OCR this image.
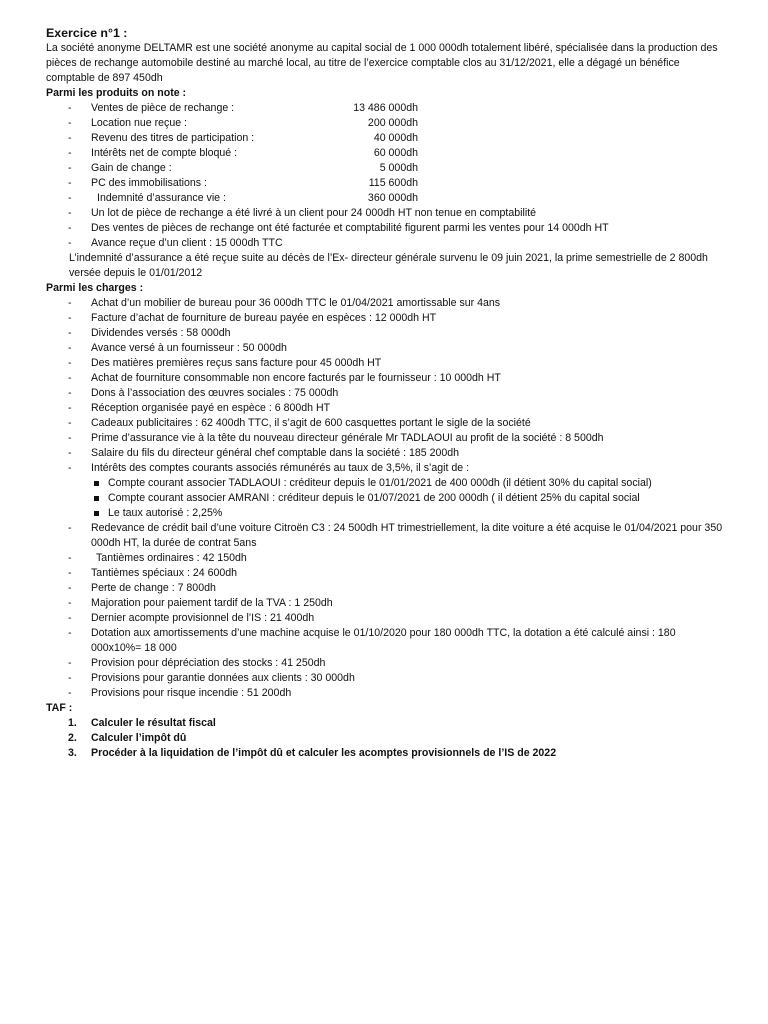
Exercice n°1 :
La société anonyme DELTAMR est une société anonyme au capital social de 1 000 000dh totalement libéré, spécialisée dans la production des pièces de rechange automobile destiné au marché local, au titre de l’exercice comptable clos au 31/12/2021, elle a dégagé un bénéfice comptable de 897 450dh
Parmi les produits on note :
- Ventes de pièce de rechange :	13 486 000dh
- Location nue reçue :	200 000dh
- Revenu des titres de participation :	40 000dh
- Intérêts net de compte bloqué :	60 000dh
- Gain de change :	5 000dh
- PC des immobilisations :	115 600dh
- Indemnité d’assurance vie :	360 000dh
- Un lot de pièce de rechange a été livré à un client pour 24 000dh HT non tenue en comptabilité
- Des ventes de pièces de rechange ont été facturée et comptabilité figurent parmi les ventes pour 14 000dh HT
- Avance reçue d’un client : 15 000dh TTC
L’indemnité d’assurance a été reçue suite au décès de l’Ex- directeur générale survenu le 09 juin 2021, la prime semestrielle de 2 800dh versée depuis le 01/01/2012
Parmi les charges :
- Achat d’un mobilier de bureau pour 36 000dh TTC le 01/04/2021 amortissable sur 4ans
- Facture d’achat de fourniture de bureau payée en espèces : 12 000dh HT
- Dividendes versés : 58 000dh
- Avance versé à un fournisseur : 50 000dh
- Des matières premières reçus sans facture pour 45 000dh HT
- Achat de fourniture consommable non encore facturés par le fournisseur : 10 000dh HT
- Dons à l’association des œuvres sociales : 75 000dh
- Réception organisée payé en espèce : 6 800dh HT
- Cadeaux publicitaires : 62 400dh TTC, il s’agit de 600 casquettes portant le sigle de la société
- Prime d’assurance vie à la tête du nouveau directeur générale Mr TADLAOUI au profit de la société : 8 500dh
- Salaire du fils du directeur général chef comptable dans la société : 185 200dh
- Intérêts des comptes courants associés rémunérés au taux de 3,5%, il s’agit de :
Compte courant associer TADLAOUI : créditeur depuis le 01/01/2021 de 400 000dh (il détient 30% du capital social)
Compte courant associer AMRANI : créditeur depuis le 01/07/2021 de 200 000dh ( il détient 25% du capital social
Le taux autorisé : 2,25%
- Redevance de crédit bail d’une voiture Citroën C3 : 24 500dh HT trimestriellement, la dite voiture a été acquise le 01/04/2021 pour 350 000dh HT, la durée de contrat 5ans
- Tantièmes ordinaires : 42 150dh
- Tantièmes spéciaux : 24 600dh
- Perte de change : 7 800dh
- Majoration pour paiement tardif de la TVA : 1 250dh
- Dernier acompte provisionnel de l’IS : 21 400dh
- Dotation aux amortissements d’une machine acquise le 01/10/2020 pour 180 000dh TTC, la dotation a été calculé ainsi : 180 000x10%= 18 000
- Provision pour dépréciation des stocks : 41 250dh
- Provisions pour garantie données aux clients : 30 000dh
- Provisions pour risque incendie : 51 200dh
TAF :
1. Calculer le résultat fiscal
2. Calculer l’impôt dû
3. Procéder à la liquidation de l’impôt dû et calculer les acomptes provisionnels de l’IS de 2022
